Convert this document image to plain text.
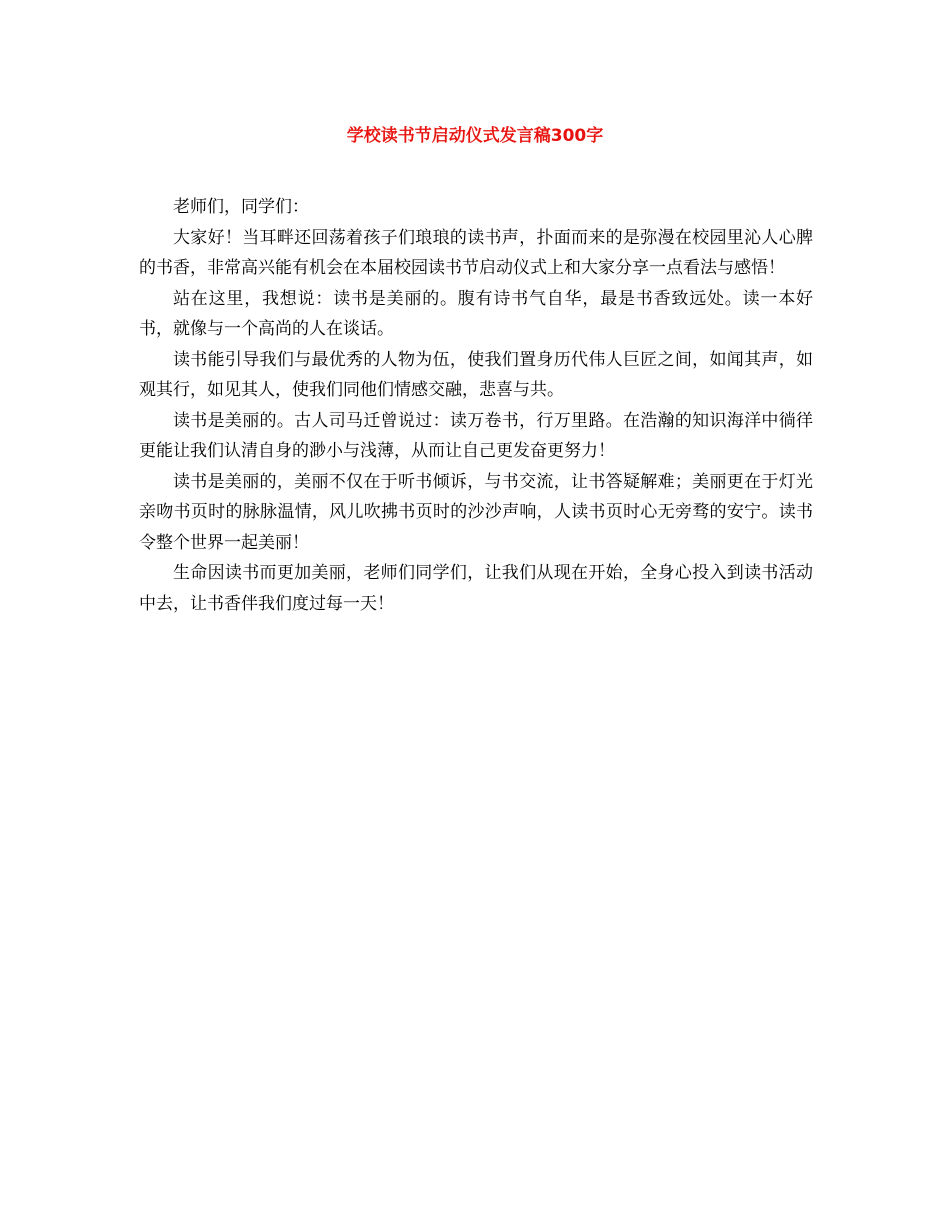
学校读书节启动仪式发言稿300字

老师们，同学们：

大家好！当耳畔还回荡着孩子们琅琅的读书声，扑面而来的是弥漫在校园里沁人心脾的书香，非常高兴能有机会在本届校园读书节启动仪式上和大家分享一点看法与感悟！

站在这里，我想说：读书是美丽的。腹有诗书气自华，最是书香致远处。读一本好书，就像与一个高尚的人在谈话。

读书能引导我们与最优秀的人物为伍，使我们置身历代伟人巨匠之间，如闻其声，如观其行，如见其人，使我们同他们情感交融，悲喜与共。

读书是美丽的。古人司马迁曾说过：读万卷书，行万里路。在浩瀚的知识海洋中徜徉更能让我们认清自身的渺小与浅薄，从而让自己更发奋更努力！

读书是美丽的，美丽不仅在于听书倾诉，与书交流，让书答疑解难；美丽更在于灯光亲吻书页时的脉脉温情，风儿吹拂书页时的沙沙声响，人读书页时心无旁骛的安宁。读书令整个世界一起美丽！

生命因读书而更加美丽，老师们同学们，让我们从现在开始，全身心投入到读书活动中去，让书香伴我们度过每一天！
